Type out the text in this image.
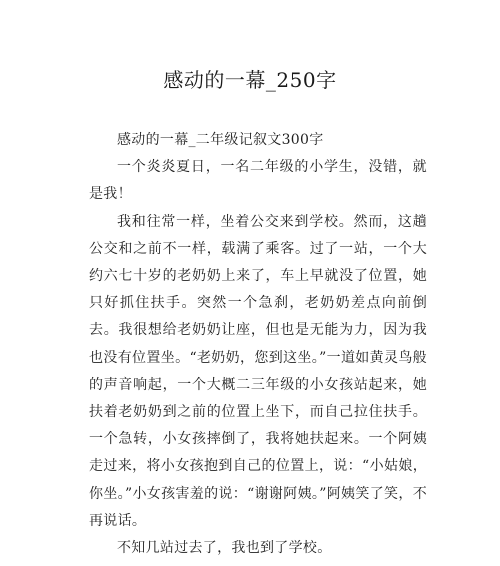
感动的一幕_250字

感动的一幕_二年级记叙文300字

一个炎炎夏日，一名二年级的小学生，没错，就是我！

我和往常一样，坐着公交来到学校。然而，这趟公交和之前不一样，载满了乘客。过了一站，一个大约六七十岁的老奶奶上来了，车上早就没了位置，她只好抓住扶手。突然一个急刹，老奶奶差点向前倒去。我很想给老奶奶让座，但也是无能为力，因为我也没有位置坐。“老奶奶，您到这坐。”一道如黄灵鸟般的声音响起，一个大概二三年级的小女孩站起来，她扶着老奶奶到之前的位置上坐下，而自己拉住扶手。一个急转，小女孩摔倒了，我将她扶起来。一个阿姨走过来，将小女孩抱到自己的位置上，说：“小姑娘，你坐。”小女孩害羞的说：“谢谢阿姨。”阿姨笑了笑，不再说话。

不知几站过去了，我也到了学校。
